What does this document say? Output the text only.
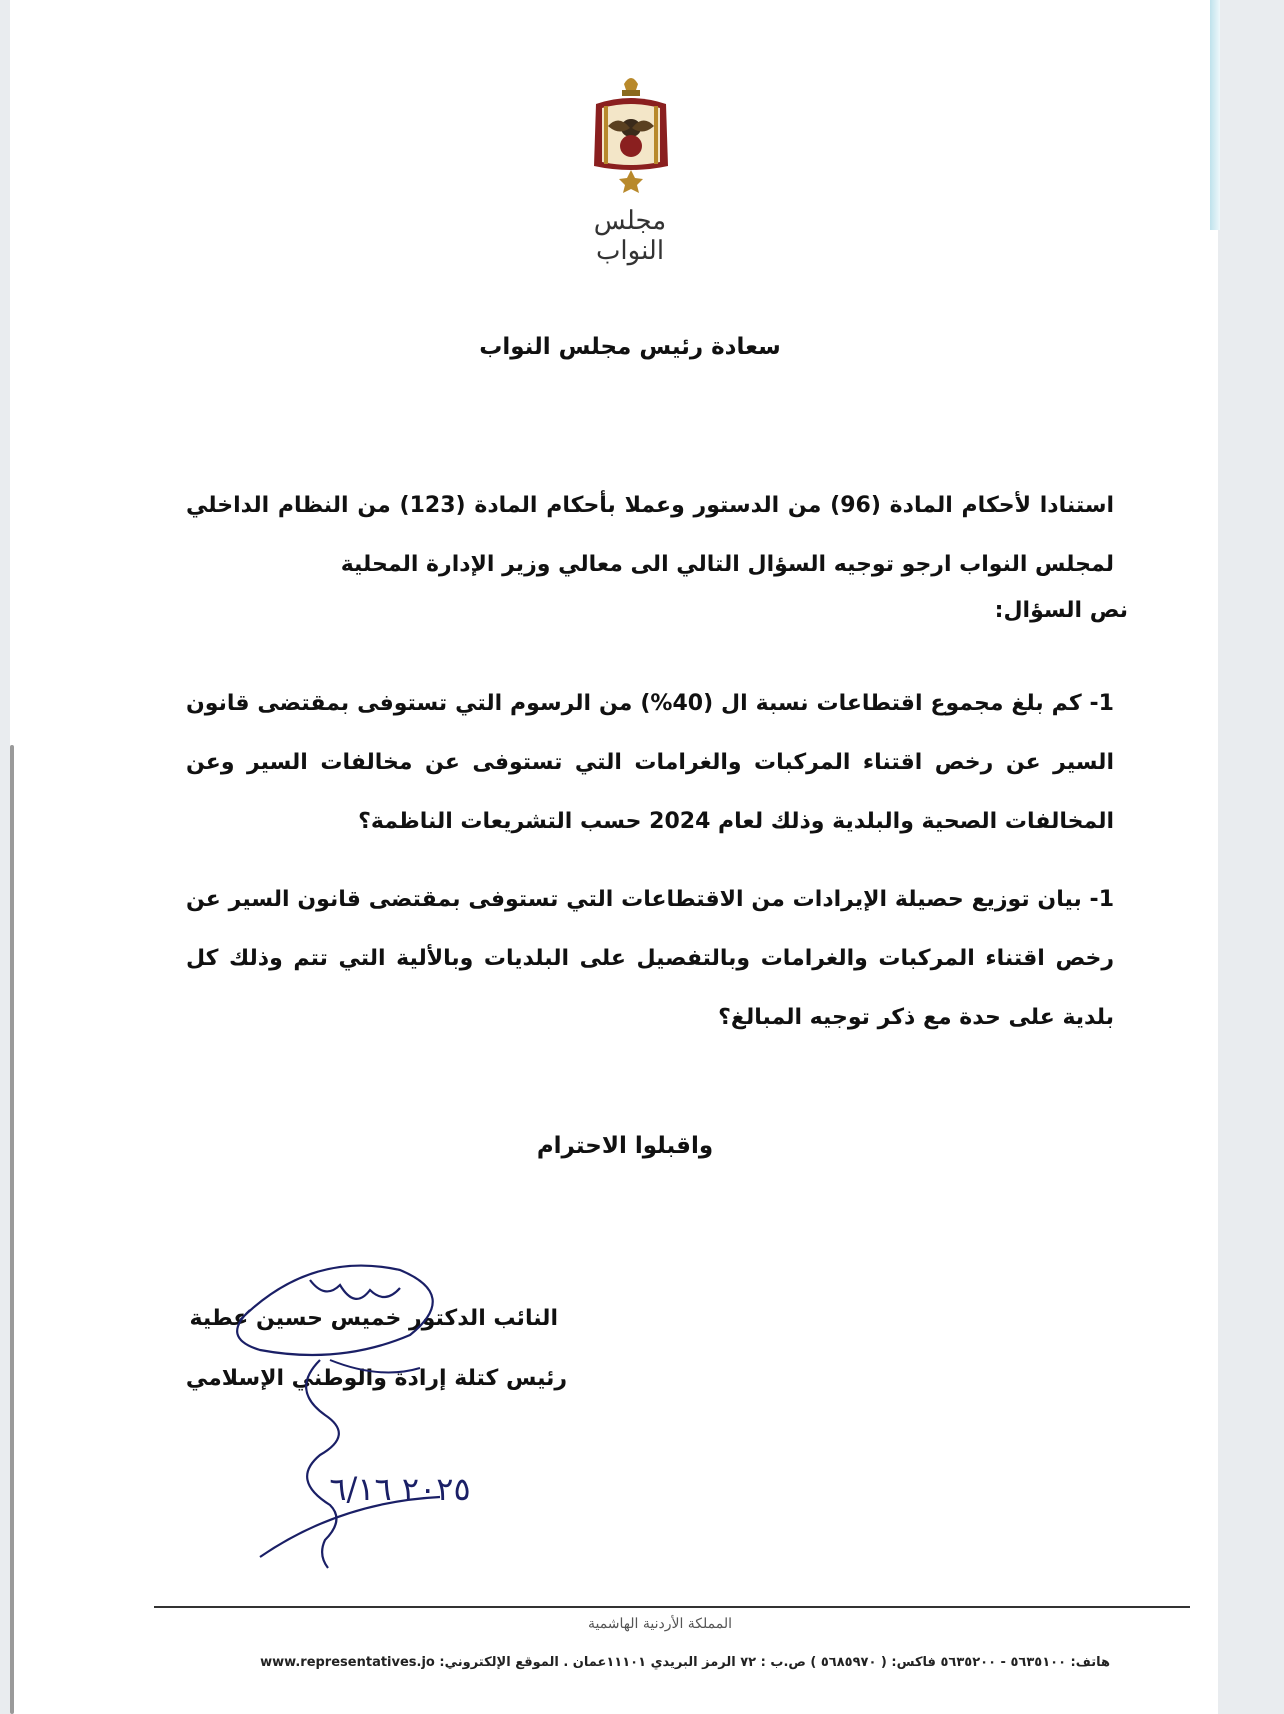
مجلس النواب
سعادة رئيس مجلس النواب
استنادا لأحكام المادة (96) من الدستور وعملا بأحكام المادة (123) من النظام الداخلي لمجلس النواب ارجو توجيه السؤال التالي الى معالي وزير الإدارة المحلية
نص السؤال:
1- كم بلغ مجموع اقتطاعات نسبة ال (40%) من الرسوم التي تستوفى بمقتضى قانون السير عن رخص اقتناء المركبات والغرامات التي تستوفى عن مخالفات السير وعن المخالفات الصحية والبلدية وذلك لعام 2024 حسب التشريعات الناظمة؟
1- بيان توزيع حصيلة الإيرادات من الاقتطاعات التي تستوفى بمقتضى قانون السير عن رخص اقتناء المركبات والغرامات وبالتفصيل على البلديات وبالألية التي تتم وذلك كل بلدية على حدة مع ذكر توجيه المبالغ؟
واقبلوا الاحترام
النائب الدكتور خميس حسين عطية
رئيس كتلة إرادة والوطني الإسلامي
٢٠٢٥ ٦/١٦
المملكة الأردنية الهاشمية
هاتف: ٥٦٣٥١٠٠ - ٥٦٣٥٢٠٠ فاكس: ( ٥٦٨٥٩٧٠ ) ص.ب : ٧٢ الرمز البريدي ١١١٠١عمان . الموقع الإلكتروني: www.representatives.jo
